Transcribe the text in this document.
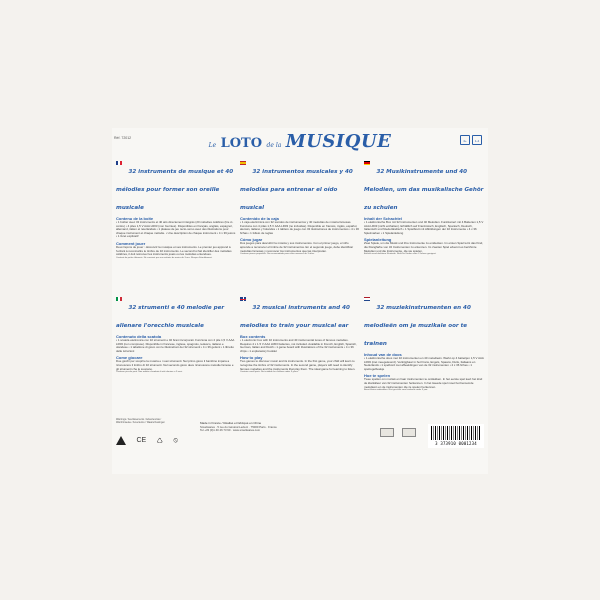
Réf. 72012
Le LOTO de la MUSIQUE	4+	1-4
32 instruments de musique et 40 mélodies pour former son oreille musicale
Contenu de la boîte
• 1 boîtier avec 32 instruments et 40 airs directement intégrés (20 mélodies célèbres (lire ci-contre) • 4 piles 1,5 V AAA LR03 (non fournies). Disponibles en français, anglais, espagnol, allemand, italien et néerlandais • 1 plateau de jeu recto-verso avec des illustrations pour chaque instrument et chaque mélodie. • Une description de chaque instrument • 4 x 36 jetons • 1 livret explicatif
Comment jouer
Deux façons de jouer : découvrir la musique et ses instruments. Le premier jeu apprend à l'enfant à reconnaître le timbre de 32 instruments. Le second lui fait identifier des mélodies célèbres, il doit retrouver les instruments joués ou les mélodies entendues.
Contient de petits éléments. Ne convient pas aux enfants de moins de 3 ans. Risque d'étouffement.
32 instrumentos musicales y 40 melodías para entrenar el oído musical
Contenido de la caja
• 1 caja electrónica con 32 sonidos de instrumentos y 40 melodías de música famosas. Funciona con 4 pilas 1,5 V AAA LR03 (no incluidas). Disponible en francés, inglés, español, alemán, italiano y holandés • 1 tablero de juego con 32 ilustraciones de instrumentos • 4 x 36 fichas • 1 folleto de reglas
Cómo jugar
Dos juegos para descubrir la música y sus instrumentos. Con el primer juego, el niño aprende a reconocer el timbre de 32 instrumentos. En el segundo juego, debe identificar melodías famosas y reconocer los instrumentos que las interpretan.
Contiene piezas pequeñas. No recomendado para niños menores de 3 años.
32 Musikinstrumente und 40 Melodien, um das musikalische Gehör zu schulen
Inhalt der Schachtel
• 1 elektronische Box mit 32 Instrumenten und 40 Melodien. Funktioniert mit 4 Batterien 1,5 V AAA LR03 (nicht enthalten). Erhältlich auf Französisch, Englisch, Spanisch, Deutsch, Italienisch und Niederländisch • 1 Spielbrett mit Abbildungen der 32 Instrumente • 4 x 36 Spielmarken • 1 Spielanleitung
Spielanleitung
Zwei Spiele, um die Musik und ihre Instrumente zu entdecken. Im ersten Spiel lernt das Kind, die Klangfarbe von 32 Instrumenten zu erkennen. Im zweiten Spiel erkennt es berühmte Melodien und die Instrumente, die sie spielen.
Enthält verschluckbare Kleinteile. Nicht für Kinder unter 3 Jahren geeignet.
32 strumenti e 40 melodie per allenare l'orecchio musicale
Contenuto della scatola
• 1 scatola elettronica con 32 strumenti e 40 brani incorporati. Funziona con 4 pile 1,5 V AAA LR03 (non comprese). Disponibile in francese, inglese, spagnolo, tedesco, italiano e olandese • 1 tabellone di gioco con le illustrazioni dei 32 strumenti • 4 x 36 gettoni • 1 libretto delle istruzioni
Come giocare
Due giochi per scoprire la musica e i suoi strumenti. Nel primo gioco il bambino impara a riconoscere il timbro di 32 strumenti. Nel secondo gioco deve riconoscere melodie famose e gli strumenti che le suonano.
Contiene piccole parti. Non adatto a bambini di età inferiore a 3 anni.
32 musical instruments and 40 melodies to train your musical ear
Box contents
• 1 electronic box with 32 instruments and 40 instrumental tunes of famous melodies. Requires 4 x 1.5 V AAA LR03 batteries, not included. Available in French, English, Spanish, German, Italian and Dutch • 1 game board with illustrations of the 32 instruments • 4 x 36 chips • 1 explanatory booklet
How to play
Two games to discover music and its instruments. In the first game, your child will learn to recognise the timbre of 32 instruments. In the second game, players will need to identify famous melodies and the instruments that play them. The ideal game for learning to listen.
Contains small parts. Not suitable for children under 3 years.
32 muziekinstrumenten en 40 melodieën om je muzikale oor te trainen
Inhoud van de doos
• 1 elektronische doos met 32 instrumenten en 40 melodieën. Werkt op 4 batterijen 1,5 V AAA LR03 (niet meegeleverd). Verkrijgbaar in het Frans, Engels, Spaans, Duits, Italiaans en Nederlands • 1 spelbord met afbeeldingen van de 32 instrumenten • 4 x 36 fiches • 1 spelregelboekje
Hoe te spelen
Twee spellen om muziek en haar instrumenten te ontdekken. In het eerste spel leert het kind de klankkleur van 32 instrumenten herkennen. In het tweede spel moet het beroemde melodieën en de instrumenten die ze spelen herkennen.
Bevat kleine onderdelen. Niet geschikt voor kinderen onder 3 jaar.
Warnings / Avertissements / Advertencias / Warnhinweise / Avvertenze / Waarschuwingen
CE ♺ ⦸
Made in France / Réalisé et fabriqué en Chine
Smartwares · 5 rue du Général Leclerc · 75000 Paris · France
Tel +33 (0)1 40 46 73 90 · www.smartwares.com

3 373910 0001234
